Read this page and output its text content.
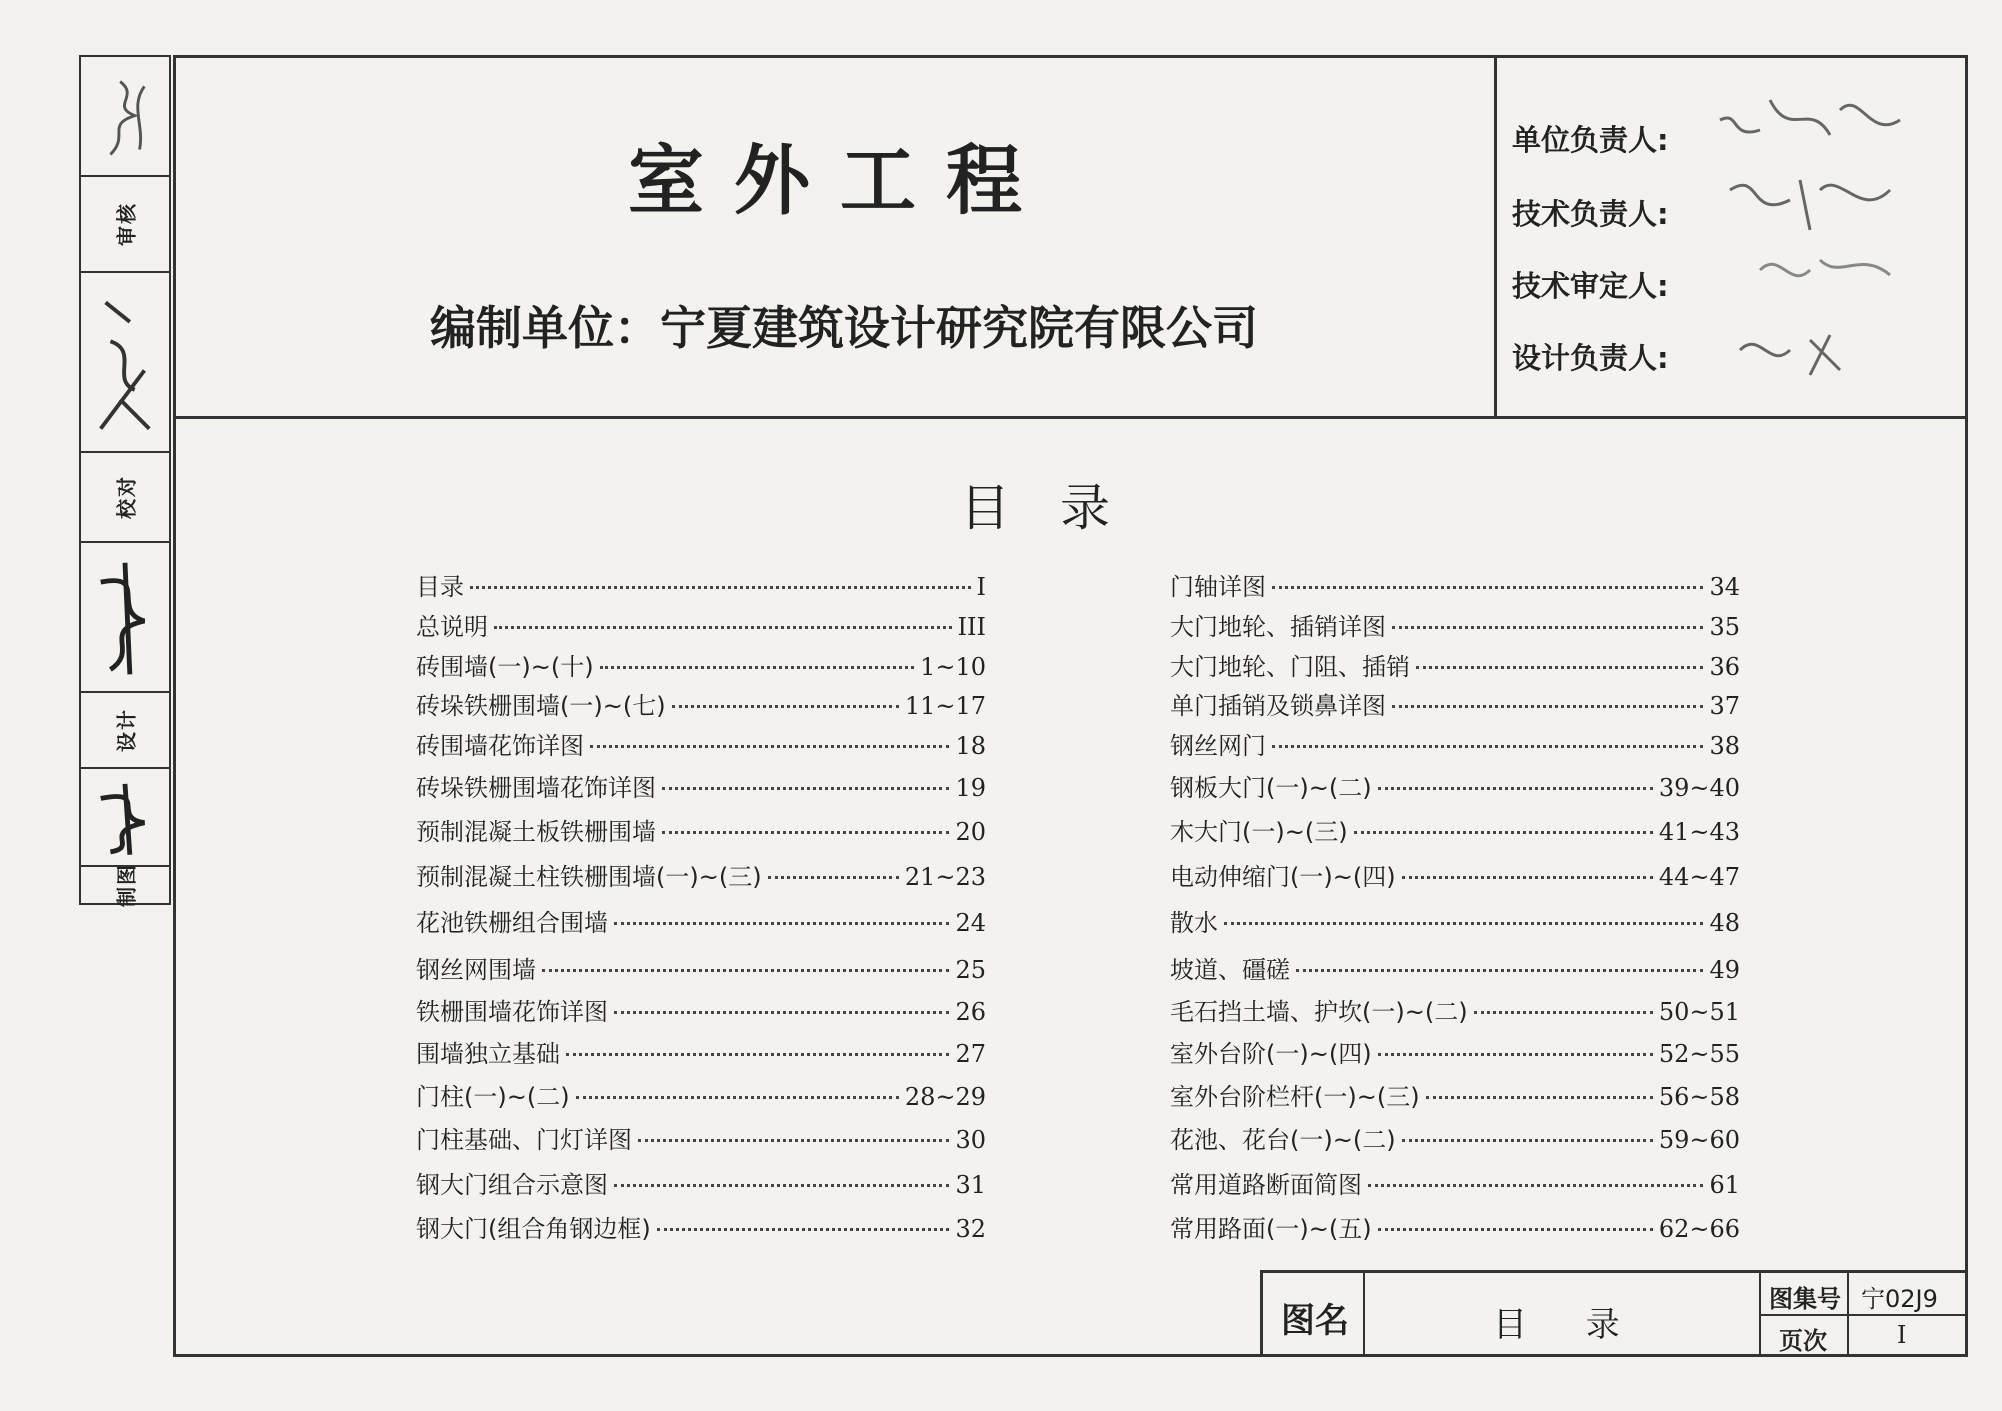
审核
校对
设计
制图
室外工程
编制单位：宁夏建筑设计研究院有限公司
单位负责人:
技术负责人:
技术审定人:
设计负责人:
目录
目录	I
总说明	III
砖围墙(一)~(十)	1~10
砖垛铁栅围墙(一)~(七)	11~17
砖围墙花饰详图	18
砖垛铁栅围墙花饰详图	19
预制混凝土板铁栅围墙	20
预制混凝土柱铁栅围墙(一)~(三)	21~23
花池铁栅组合围墙	24
钢丝网围墙	25
铁栅围墙花饰详图	26
围墙独立基础	27
门柱(一)~(二)	28~29
门柱基础、门灯详图	30
钢大门组合示意图	31
钢大门(组合角钢边框)	32
门轴详图	34
大门地轮、插销详图	35
大门地轮、门阻、插销	36
单门插销及锁鼻详图	37
钢丝网门	38
钢板大门(一)~(二)	39~40
木大门(一)~(三)	41~43
电动伸缩门(一)~(四)	44~47
散水	48
坡道、礓磋	49
毛石挡土墙、护坎(一)~(二)	50~51
室外台阶(一)~(四)	52~55
室外台阶栏杆(一)~(三)	56~58
花池、花台(一)~(二)	59~60
常用道路断面简图	61
常用路面(一)~(五)	62~66
图名	目 录
图集号 宁02J9
页次	I
